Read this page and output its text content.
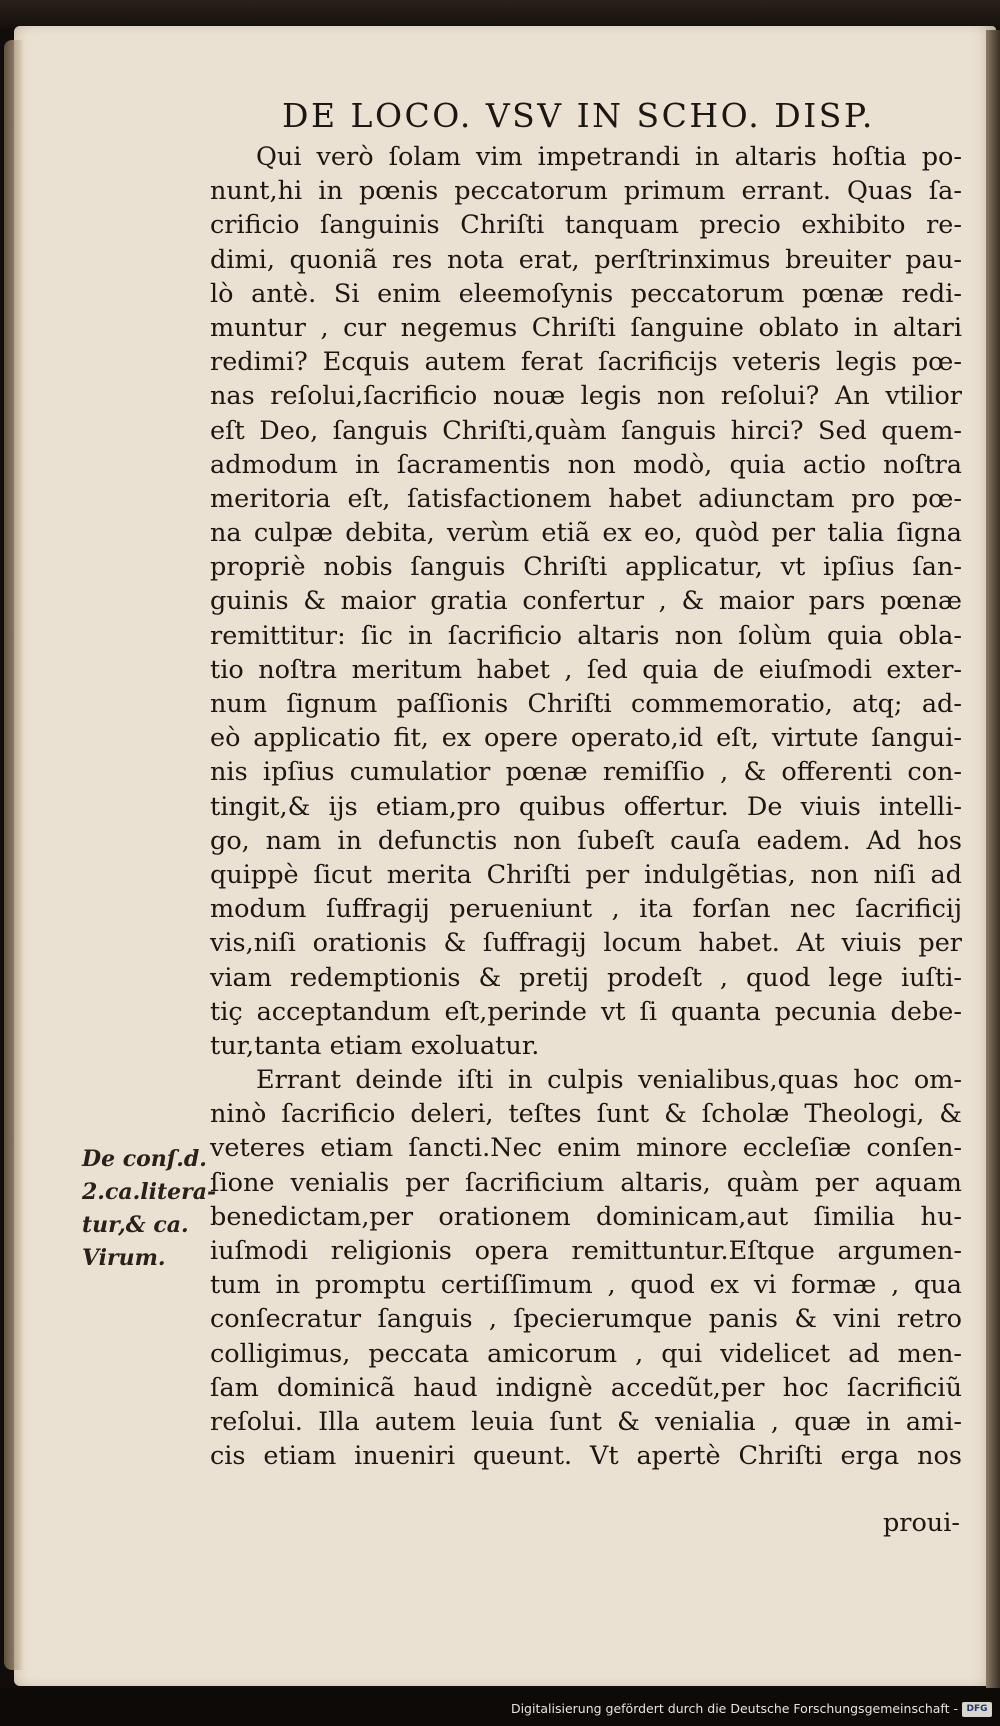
DE LOCO. VSV IN SCHO. DISP.
Qui verò ſolam vim impetrandi in altaris hoſtia po-
nunt,hi in pœnis peccatorum primum errant. Quas ſa-
crificio ſanguinis Chriſti tanquam precio exhibito re-
dimi, quoniã res nota erat, perſtrinximus breuiter pau-
lò antè. Si enim eleemoſynis peccatorum pœnæ redi-
muntur , cur negemus Chriſti ſanguine oblato in altari
redimi? Ecquis autem ferat ſacrificijs veteris legis pœ-
nas reſolui,ſacrificio nouæ legis non reſolui? An vtilior
eſt Deo, ſanguis Chriſti,quàm ſanguis hirci? Sed quem-
admodum in ſacramentis non modò, quia actio noſtra
meritoria eſt, ſatisfactionem habet adiunctam pro pœ-
na culpæ debita, verùm etiã ex eo, quòd per talia ſigna
propriè nobis ſanguis Chriſti applicatur, vt ipſius ſan-
guinis & maior gratia confertur , & maior pars pœnæ
remittitur: ſic in ſacrificio altaris non ſolùm quia obla-
tio noſtra meritum habet , ſed quia de eiuſmodi exter-
num ſignum paſſionis Chriſti commemoratio, atq; ad-
eò applicatio fit, ex opere operato,id eſt, virtute ſangui-
nis ipſius cumulatior pœnæ remiſſio , & offerenti con-
tingit,& ijs etiam,pro quibus offertur. De viuis intelli-
go, nam in defunctis non ſubeſt cauſa eadem. Ad hos
quippè ſicut merita Chriſti per indulgẽtias, non niſi ad
modum ſuffragij perueniunt , ita forſan nec ſacrificij
vis,niſi orationis & ſuffragij locum habet. At viuis per
viam redemptionis & pretij prodeſt , quod lege iuſti-
tiç acceptandum eſt,perinde vt ſi quanta pecunia debe-
tur,tanta etiam exoluatur.
Errant deinde iſti in culpis venialibus,quas hoc om-
ninò ſacrificio deleri, teſtes ſunt & ſcholæ Theologi, &
veteres etiam ſancti.Nec enim minore eccleſiæ conſen-
ſione venialis per ſacrificium altaris, quàm per aquam
benedictam,per orationem dominicam,aut ſimilia hu-
iuſmodi religionis opera remittuntur.Eſtque argumen-
tum in promptu certiſſimum , quod ex vi formæ , qua
conſecratur ſanguis , ſpecierumque panis & vini retro
colligimus, peccata amicorum , qui videlicet ad men-
ſam dominicã haud indignè accedũt,per hoc ſacrificiũ
reſolui. Illa autem leuia ſunt & venialia , quæ in ami-
cis etiam inueniri queunt. Vt apertè Chriſti erga nos
De conſ.d.
2.ca.litera-
tur,& ca.
Virum.
proui-
Digitalisierung gefördert durch die Deutsche Forschungsgemeinschaft - DFG
